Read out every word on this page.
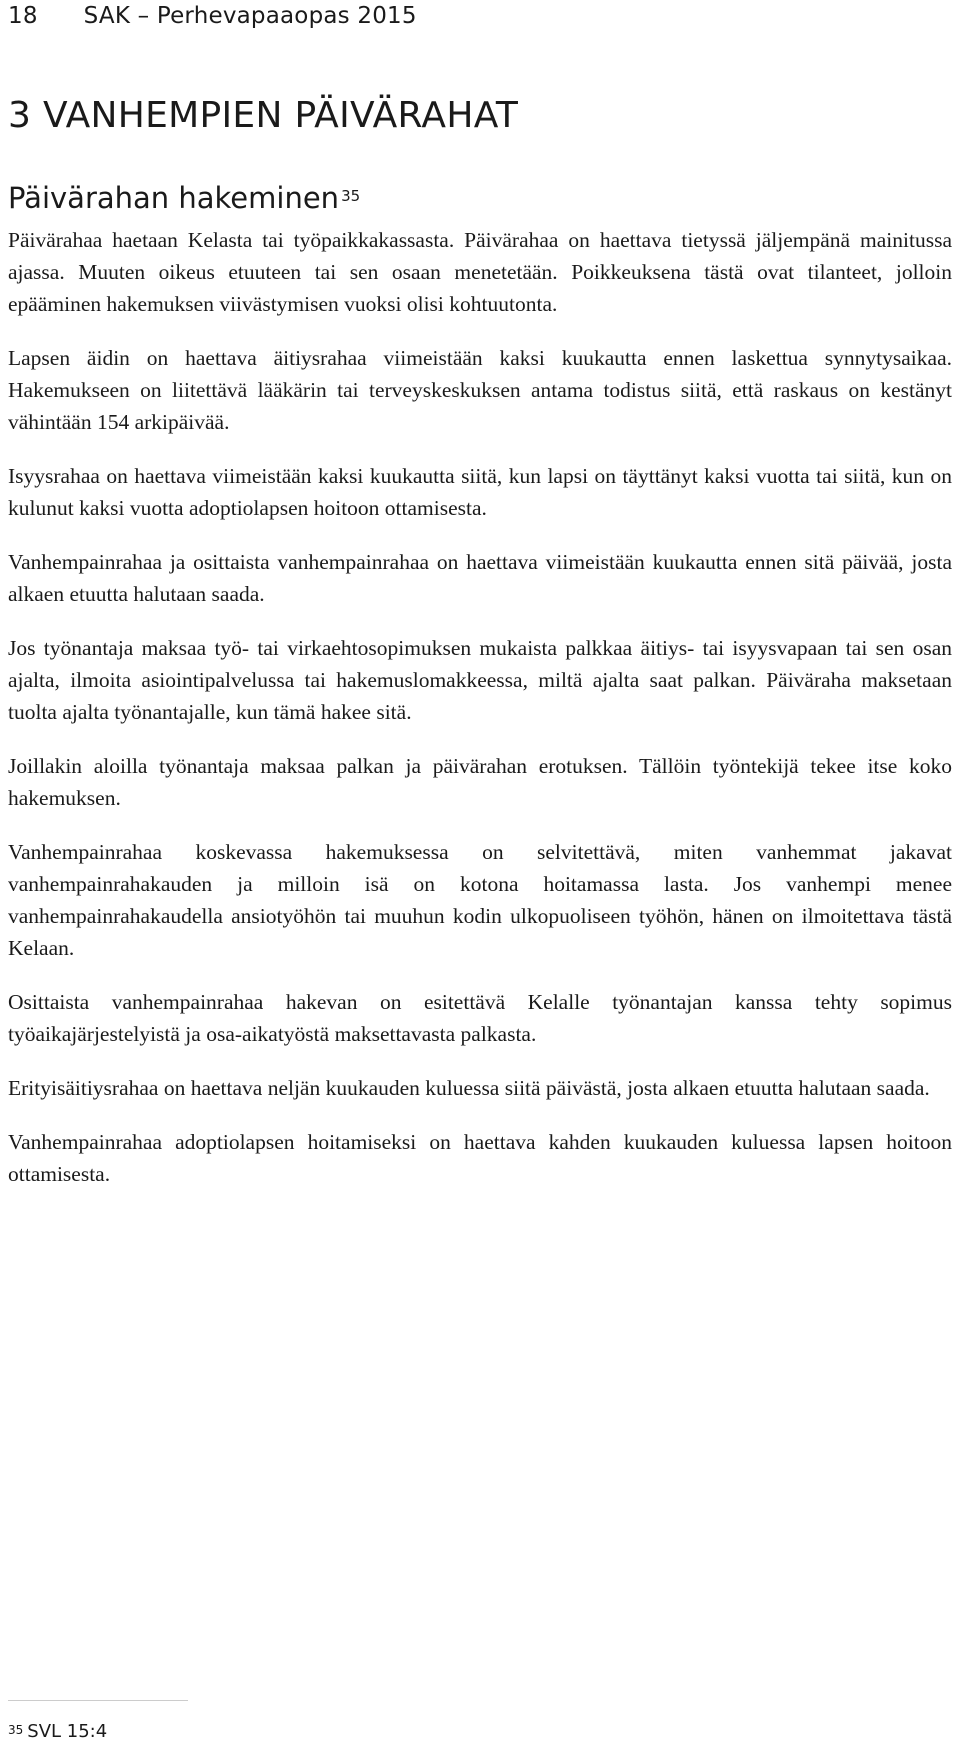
18 SAK – Perhevapaaopas 2015
3 VANHEMPIEN PÄIVÄRAHAT
Päivärahan hakeminen $^{35}$

Päivärahaa haetaan Kelasta tai työpaikkakassasta. Päivärahaa on haettava tietyssä jäljempänä mainitussa ajassa. Muuten oikeus etuuteen tai sen osaan menetetään. Poikkeuksena tästä ovat tilanteet, jolloin epääminen hakemuksen viivästymisen vuoksi olisi kohtuutonta.

Lapsen äidin on haettava äitiysrahaa viimeistään kaksi kuukautta ennen laskettua synnytysaikaa. Hakemukseen on liitettävä lääkärin tai terveyskeskuksen antama todistus siitä, että raskaus on kestänyt vähintään 154 arkipäivää.

Isyysrahaa on haettava viimeistään kaksi kuukautta siitä, kun lapsi on täyttänyt kaksi vuotta tai siitä, kun on kulunut kaksi vuotta adoptiolapsen hoitoon ottamisesta.

Vanhempainrahaa ja osittaista vanhempainrahaa on haettava viimeistään kuukautta ennen sitä päivää, josta alkaen etuutta halutaan saada.

Jos työnantaja maksaa työ- tai virkaehtosopimuksen mukaista palkkaa äitiys- tai isyysvapaan tai sen osan ajalta, ilmoita asiointipalvelussa tai hakemuslomakkeessa, miltä ajalta saat palkan. Päiväraha maksetaan tuolta ajalta työnantajalle, kun tämä hakee sitä.

Joillakin aloilla työnantaja maksaa palkan ja päivärahan erotuksen. Tällöin työntekijä tekee itse koko hakemuksen.

Vanhempainrahaa koskevassa hakemuksessa on selvitettävä, miten vanhemmat jakavat vanhempainrahakauden ja milloin isä on kotona hoitamassa lasta. Jos vanhempi menee vanhempainrahakaudella ansiotyöhön tai muuhun kodin ulkopuoliseen työhön, hänen on ilmoitettava tästä Kelaan.

Osittaista vanhempainrahaa hakevan on esitettävä Kelalle työnantajan kanssa tehty sopimus työaikajärjestelyistä ja osa-aikatyöstä maksettavasta palkasta.

Erityisäitiysrahaa on haettava neljän kuukauden kuluessa siitä päivästä, josta alkaen etuutta halutaan saada.

Vanhempainrahaa adoptiolapsen hoitamiseksi on haettava kahden kuukauden kuluessa lapsen hoitoon ottamisesta.

$^{35}$ SVL 15:4
